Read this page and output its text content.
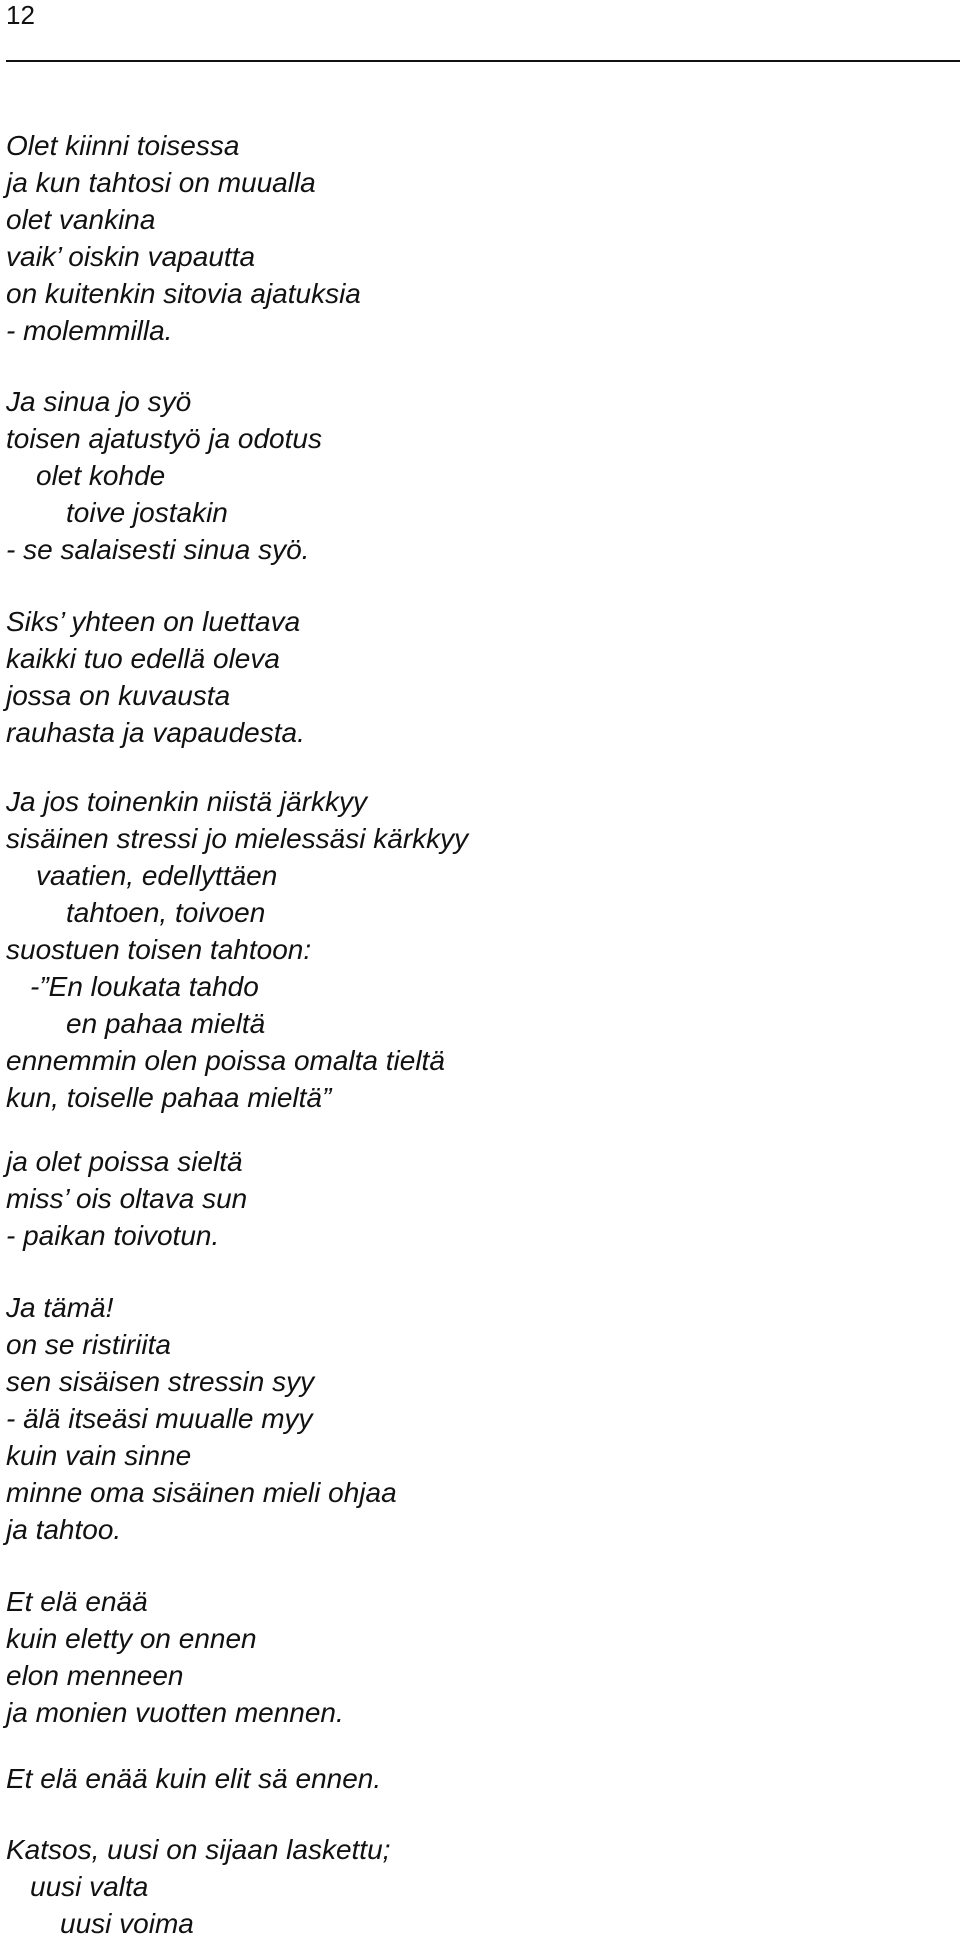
12
Olet kiinni toisessa
ja kun tahtosi on muualla
olet vankina
vaik’ oiskin vapautta
on kuitenkin sitovia ajatuksia
- molemmilla.
Ja sinua jo syö
toisen ajatustyö ja odotus
olet kohde
toive jostakin
- se salaisesti sinua syö.
Siks’ yhteen on luettava
kaikki tuo edellä oleva
jossa on kuvausta
rauhasta ja vapaudesta.
Ja jos toinenkin niistä järkkyy
sisäinen stressi jo mielessäsi kärkkyy
vaatien, edellyttäen
tahtoen, toivoen
suostuen toisen tahtoon:
-”En loukata tahdo
en pahaa mieltä
ennemmin olen poissa omalta tieltä
kun, toiselle pahaa mieltä”
ja olet poissa sieltä
miss’ ois oltava sun
- paikan toivotun.
Ja tämä!
on se ristiriita
sen sisäisen stressin syy
- älä itseäsi muualle myy
kuin vain sinne
minne oma sisäinen mieli ohjaa
ja tahtoo.
Et elä enää
kuin eletty on ennen
elon menneen
ja monien vuotten mennen.
Et elä enää kuin elit sä ennen.
Katsos, uusi on sijaan laskettu;
uusi valta
uusi voima
